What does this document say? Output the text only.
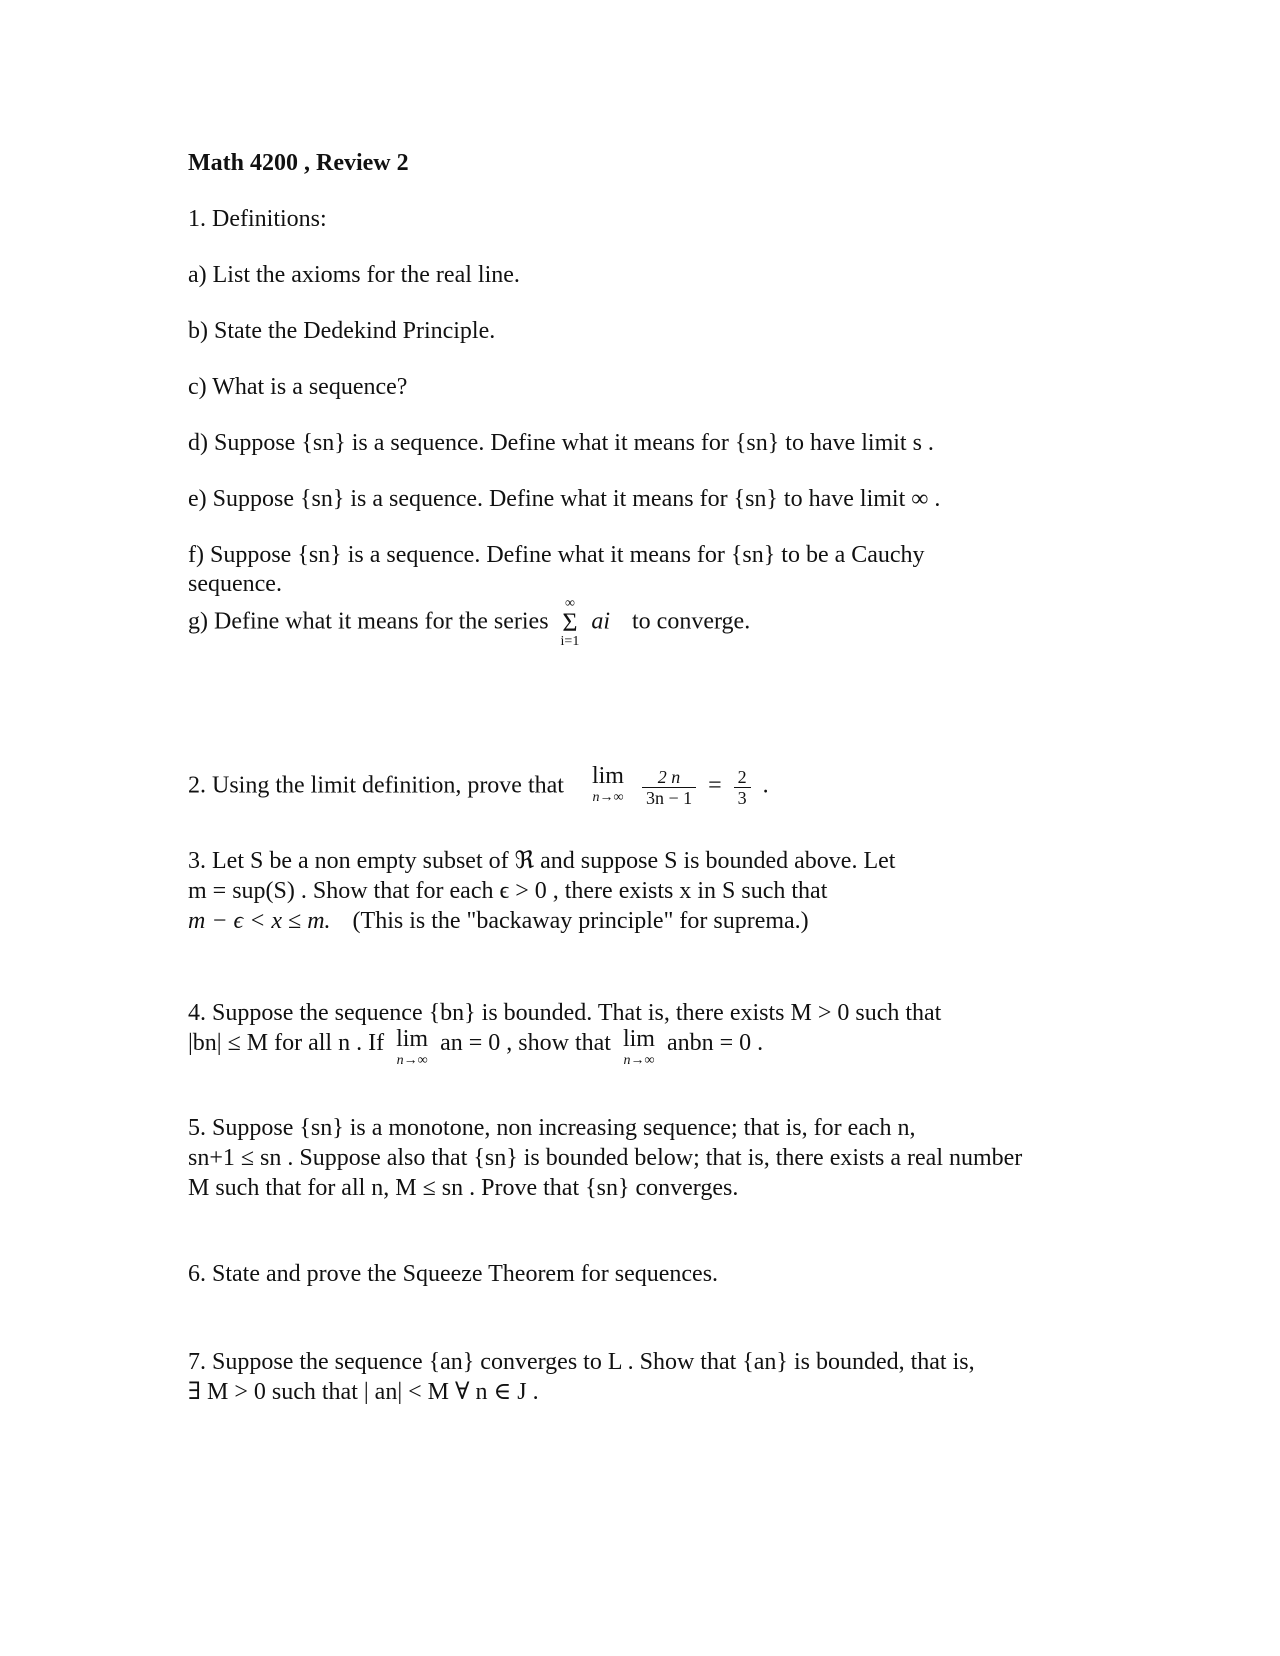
Math 4200 , Review 2
1. Definitions:
a) List the axioms for the real line.
b) State the Dedekind Principle.
c) What is a sequence?
d) Suppose {sn} is a sequence. Define what it means for {sn} to have limit s .
e) Suppose {sn} is a sequence. Define what it means for {sn} to have limit ∞ .
f) Suppose {sn} is a sequence. Define what it means for {sn} to be a Cauchy
sequence.
g) Define what it means for the series
∞
Σ
i=1
ai to converge.
2. Using the limit definition, prove that lim
n→∞
$\frac{2 n}{3n - 1} = \frac{2}{3}$ .
3. Let S be a non empty subset of ℜ and suppose S is bounded above. Let
m = sup(S) . Show that for each ϵ > 0 , there exists x in S such that
m − ϵ < x ≤ m. (This is the "backaway principle" for suprema.)
4. Suppose the sequence {bn} is bounded. That is, there exists M > 0 such that
|bn| ≤ M for all n . If lim
n→∞
an = 0 , show that lim
n→∞
anbn = 0 .
5. Suppose {sn} is a monotone, non increasing sequence; that is, for each n,
sn+1 ≤ sn . Suppose also that {sn} is bounded below; that is, there exists a real number
M such that for all n, M ≤ sn . Prove that {sn} converges.
6. State and prove the Squeeze Theorem for sequences.
7. Suppose the sequence {an} converges to L . Show that {an} is bounded, that is,
∃ M > 0 such that | an| < M ∀ n ∈ J .
